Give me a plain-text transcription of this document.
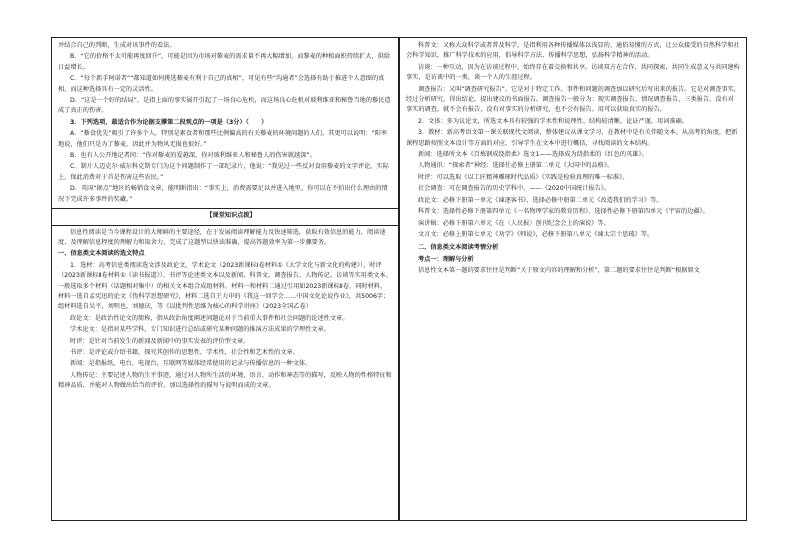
并结合自己的判断，生成对该事件的看法。

B．“它的价格不太可能再度回升”，可能是因为市场对黎麦的需求量不再大幅增加，而黎麦的种植面积持续扩大，供给日益增长。

C．“每个新手阿诺者”“都知道如何挑选藜麦有利于自己的真相”，可见有些“沟通者”会选择有助于推进个人意图的真相，而这种选择具有一定的灵活性。

D．“这是一个好的结局”，是指上面的事实展开引起了一场良心危机，而这场良心危机对玻利维亚和秘鲁当地的藜民造成了真正的伤害。

3．下列选项，最适合作为论据支撑第二段观点的一项是（3分）（　　）

A．“藜食优先”吸引了许多个人，特别是素食者和那些比例偏高的有关藜麦的环境问题的人们。其更可以说明：“阳率地说，他们只是为了藜麦，因此并为物风无损也很好。”

B．也有人公开地记者问：“你对藜麦的爱越深，你对玻利维亚人和秘鲁人的伤害就越深”。

C．制片人迈克尔·威尔科克斯专门为这个问题制作了一部纪录片，他说：“我见过一些反对食用藜麦的文字评论，实际上，保此消费对于首是伤害这些农民。”

D．英国“据点”地区的畅销食文章，能明断指出：“事实上，消费需要足以并进入地里，你可以在不拍出什么理由的情况下完成许多事件的奖藏。”

【课堂知识点拨】

信息性阅读是当今课程设计的大师鲜的主要途径，在于发展阅读理解能力及快速筛选，获取有效信息的能力，阅读速度、及理解信息程度的理解力和取舍力，完成了这题型以快读准确，提高答题效率为第一步骤要务。

一、信息类文本阅读的选文特点

1．选材：高考信息类阅读选文涉及政论文、学术论文（2023新课标Ⅰ卷材料①《大学文化与新文化的构建》），时评（2023新课标Ⅱ卷材料①《读书报道》）、书评等论述类文本以及新闻、科普文、调查报告、人物传记、访谈等实用类文本。一般选取多个材料（话题相对集中）的相关文本组合成组材料，材料一和材料二通过引用如2023新课标Ⅱ卷，同时材料，材料一选自孟宪迅的论文《伪科学思想研究》，材料二选自王力申的《我这一回学会……中国文化论说作业》，共5006字；组材料选自吴平，刘明也，刘德庆，等《以批判性思维为核心的科学讲座》（2023全国乙卷）

政论文：是政治性论文的简称，指从政治角度阐述问题论对于当前重大事件和社会问题的论述性文章。

学术论文：是指对某些学科，专门知识进行总结或研究某种问题的推演方法成果的学理性文章。

时评：是针对当前发生的新闻及新闻中的事实发表的评价型文章。

书评：是评论或介绍书籍，探究其创作的思想性，学术性，社会性和艺术性的文章。

新闻：是指报纸，电台，电视台，互联网等媒体经常使用的记录与传播信息的一种文体。

人物传记：主要记述人物的生平事迹，通过对人物所生活的环境、语言、动作和神态等的描写，反映人物的性格特征和精神品质，并能对人物做出恰当的评价，加以选择性的描写与说明而成的文章。

科普文：又称大众科学或者普及科学，是指利用各种传播媒体以浅显的、通俗易懂的方式，让公众接受的自然科学和社会科学知识，推广科学技术的应用，倡导科学方法，传播科学思想，弘扬科学精神的活动。

访谈：一种互动，因为在访谈过程中，始终存在着交换和共享。访谈双方在合作，共同探索，共同生成意义与共同建构事实，是访谈中的一类，谈一个人的生涯过程。

调查报告：又叫“调查研究报告”。它是对于特定工作、事件和问题的调查加以研究后写出来的报告。它是对调查事实，经过分析研究，得出结论，提出建议的书面报告。调查报告一般分为：现实调查报告、情况调查报告、三类报告，没有对事实的调查，就不会有报告，没有对事实的分析研究，也不会有报告。用可以获取真实的报告。

2．文体：多为议论文，所选文本具有较强的学术性和说理性。结构较清晰，论证严谨，用词准确。

3．教材：新高考语文第一课关联现代文阅读，整体建议从课文学习，在教材中是有关伴随文本。从高考的角度，把新课程思路按照文本设计等方面的对应，引导学生在文本中进行概括，寻找阅读的文本结构。

新闻：选择所文本《百炼钢成绕指柔》选文1——选择成为绕指柔的《红色的英雄》。

人物通讯：“探索者”神经：选择仕必修上册第二单元《大国中的品格》。

时评：可以选取《以工匠精神雕琢时代品质》《实践是检验真理的唯一标准》。

社会调查：可在调查报告的历史学科中，——《2020中国统计报告》。

政论文：必修下册第一单元《谏逐客书》、选择必修中册第二单元《改造我们的学习》等。

科普文：选择性必修下册第四单元《一名物理学家的教育历程》、选择性必修下册第四单元《宇宙的边疆》。

演讲稿：必修下册第六单元《在〈人民报〉创刊纪念会上的演说》等。

文言文：必修上册第七单元《劝学》《师说》，必修下册第八单元《谏太宗十思疏》等。

二、信息类文本阅读考情分析

考点一：理解与分析

信息性文本第一题的要求往往是判断“关于原文内容的理解和分析”，第二题的要求往往是判断“根据原文
